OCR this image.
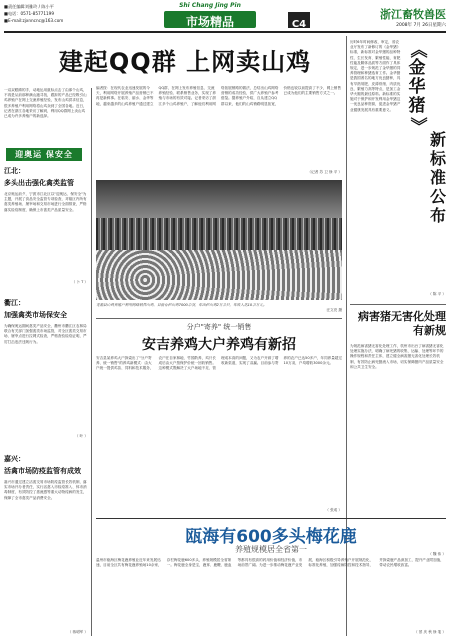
■责任编辑刘雅玲 / 陈小平
■电话：0571-85771199
■E-mail:zjxnncnc@163.com
Shi Chang Jing Pin
市场精品	C4
浙江畜牧兽医
2008年 7月 26日星期六
建起QQ群 上网卖山鸡
一双双眼睛的手，动地运用鼠标点击了由那个山鸡，不再是从前那种满山跑寻找，跟踪的产品已经吸引山鸡养殖户在网上交流养殖经验，发布山鸡供求信息，很多养殖户利用网络将山鸡卖到了全国各地。近日，记者在浙江各地采访了解到，利用QQ群网上卖山鸡已成为许多养殖户的新选择。
迎奥运 保安全
江北：
多头出击强化禽类监管
北京奥运前夕，宁波市江北区以"迎奥运、保安全"为主题，开展了食品安全监管专项检查，对辖区内所有禽类养殖场、屠宰场和交易市场进行全面排查，严格落实检疫制度，确保上市禽类产品质量安全。
（ 卜 T ）
衢江：
加强禽类市场保安全
为确保奥运期间禽类产品安全，衢州市衢江区农林局联合有关部门加强禽类市场监管，对全区禽类交易市场、屠宰点进行拉网式检查，严格查验检疫证明，严厉打击违法违规行为。
（ 叶 ）
嘉兴：
活禽市场防疫监管有成效
嘉兴市通过建立活禽交易市场防疫监管长效机制，落实市场开办者责任，实行活禽入市检疫准入、休市消毒制度，有效防控了禽流感等重大动物疫病的发生，保障了全市禽类产品消费安全。
（ 蒋明军 ）
编者按：在现代农业迅速发展的今天，利用网络开展养殖产品营销已不再是新鲜事。在临安、丽水、金华等地，越来越多的山鸡养殖户通过建立QQ群，在网上发布养殖信息、交流养殖经验、联系销售业务，实现了养殖与市场的有效对接。记者采访了浙江多个山鸡养殖户，了解他们利用网络拓展销路的做法，总结出山鸡网络营销的成功经验，供广大养殖户参考借鉴。据养殖户介绍，自从建立QQ群以来，他们的山鸡销路明显拓宽，价格也较以前提高了不少，网上销售已成为他们的主要销售方式之一。
（记者 苏 卫 徐 平 ）
龙游县山鸡养殖户利用网络销售山鸡，目前存栏山鸡7000余羽，年出栏山鸡2万余只，年收入达10余万元。
汪文亮 摄
历时6年时间修改、审定，省农业厅发布了新修订的《金华猪》标准，新标准对金华猪的品种特性、生长发育、繁殖性能、育肥性能及胴体品质等方面作了具体规定，进一步规范了金华猪的饲养管理和种猪选育工作。金华猪是我国著名的地方优良猪种，具有早熟易肥、皮薄骨细、肉质优良、繁殖力高等特点，是加工金华火腿的最佳原料。新标准的实施对于保护和开发利用金华猪这一优良品种资源，促进金华猪产业健康发展具有重要意义。
（ 陈 平 ）
《
金
华
猪
》
新
标
准
公
布
病害猪无害化处理
有新规
为规范病害猪无害化处理工作，杭州市出台了病害猪无害化处理实施办法，明确了病死猪的收集、运输、处理等环节的操作规程和责任主体，建立健全病害猪无害化处理长效机制，有效防止病死猪流入市场，切实保障猪肉产品质量安全和公共卫生安全。
（ 魏 伟 ）
分户"寄养" 统一销售
安吉养鸡大户养鸡有新招
安吉县某养鸡大户探索出了"分户寄养、统一销售"的养鸡新模式：由大户统一提供鸡苗、饲料和技术服务，农户在自家林地、竹园散养，鸡只长成后由大户按保护价统一回收销售。这种模式既解决了大户场地不足、管理成本高的问题，又为农户开辟了增收新渠道，实现了双赢。目前参与寄养的农户已达50多户，年饲养量超过10万羽，户均增收3000余元。
（ 张成 ）
瓯海有600多头梅花鹿
养殖规模居全省第一
温州市瓯海区梅花鹿养殖业近年来发展迅速，目前全区共有梅花鹿养殖场10余家，存栏梅花鹿600多头，养殖规模居全省第一。梅花鹿全身是宝，鹿茸、鹿鞭、鹿血等都具有很高的药用价值和经济价值，市场前景广阔。为进一步推动梅花鹿产业发展，瓯海区积极引导养殖户开展规范化、标准化养殖，加强疫病防控和技术指导，并探索鹿产品深加工，提升产业附加值，带动农民增收致富。
（ 蔡 庆 秋 徐 斐 ）
